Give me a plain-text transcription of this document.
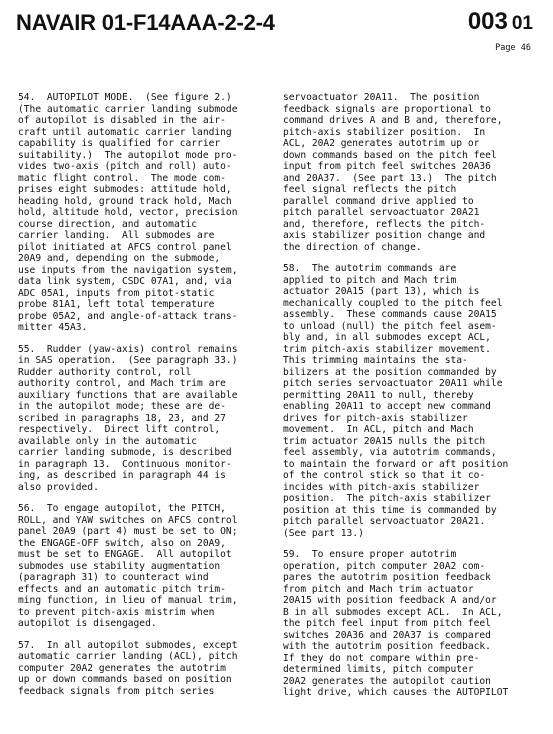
NAVAIR 01-F14AAA-2-2-4	003 01
Page 46

54.  AUTOPILOT MODE.  (See figure 2.)
(The automatic carrier landing submode
of autopilot is disabled in the air-
craft until automatic carrier landing
capability is qualified for carrier
suitability.)  The autopilot mode pro-
vides two-axis (pitch and roll) auto-
matic flight control.  The mode com-
prises eight submodes: attitude hold,
heading hold, ground track hold, Mach
hold, altitude hold, vector, precision
course direction, and automatic
carrier landing.  All submodes are
pilot initiated at AFCS control panel
20A9 and, depending on the submode,
use inputs from the navigation system,
data link system, CSDC 07A1, and, via
ADC 05A1, inputs from pitot-static
probe 81A1, left total temperature
probe 05A2, and angle-of-attack trans-
mitter 45A3.

55.  Rudder (yaw-axis) control remains
in SAS operation.  (See paragraph 33.)
Rudder authority control, roll
authority control, and Mach trim are
auxiliary functions that are available
in the autopilot mode; these are de-
scribed in paragraphs 18, 23, and 27
respectively.  Direct lift control,
available only in the automatic
carrier landing submode, is described
in paragraph 13.  Continuous monitor-
ing, as described in paragraph 44 is
also provided.

56.  To engage autopilot, the PITCH,
ROLL, and YAW switches on AFCS control
panel 20A9 (part 4) must be set to ON;
the ENGAGE-OFF switch, also on 20A9,
must be set to ENGAGE.  All autopilot
submodes use stability augmentation
(paragraph 31) to counteract wind
effects and an automatic pitch trim-
ming function, in lieu of manual trim,
to prevent pitch-axis mistrim when
autopilot is disengaged.

57.  In all autopilot submodes, except
automatic carrier landing (ACL), pitch
computer 20A2 generates the autotrim
up or down commands based on position
feedback signals from pitch series

servoactuator 20A11.  The position
feedback signals are proportional to
command drives A and B and, therefore,
pitch-axis stabilizer position.  In
ACL, 20A2 generates autotrim up or
down commands based on the pitch feel
input from pitch feel switches 20A36
and 20A37.  (See part 13.)  The pitch
feel signal reflects the pitch
parallel command drive applied to
pitch parallel servoactuator 20A21
and, therefore, reflects the pitch-
axis stabilizer position change and
the direction of change.

58.  The autotrim commands are
applied to pitch and Mach trim
actuator 20A15 (part 13), which is
mechanically coupled to the pitch feel
assembly.  These commands cause 20A15
to unload (null) the pitch feel asem-
bly and, in all submodes except ACL,
trim pitch-axis stabilizer movement.
This trimming maintains the sta-
bilizers at the position commanded by
pitch series servoactuator 20A11 while
permitting 20A11 to null, thereby
enabling 20A11 to accept new command
drives for pitch-axis stabilizer
movement.  In ACL, pitch and Mach
trim actuator 20A15 nulls the pitch
feel assembly, via autotrim commands,
to maintain the forward or aft position
of the control stick so that it co-
incides with pitch-axis stabilizer
position.  The pitch-axis stabilizer
position at this time is commanded by
pitch parallel servoactuator 20A21.
(See part 13.)

59.  To ensure proper autotrim
operation, pitch computer 20A2 com-
pares the autotrim position feedback
from pitch and Mach trim actuator
20A15 with position feedback A and/or
B in all submodes except ACL.  In ACL,
the pitch feel input from pitch feel
switches 20A36 and 20A37 is compared
with the autotrim position feedback.
If they do not compare within pre-
determined limits, pitch computer
20A2 generates the autopilot caution
light drive, which causes the AUTOPILOT
